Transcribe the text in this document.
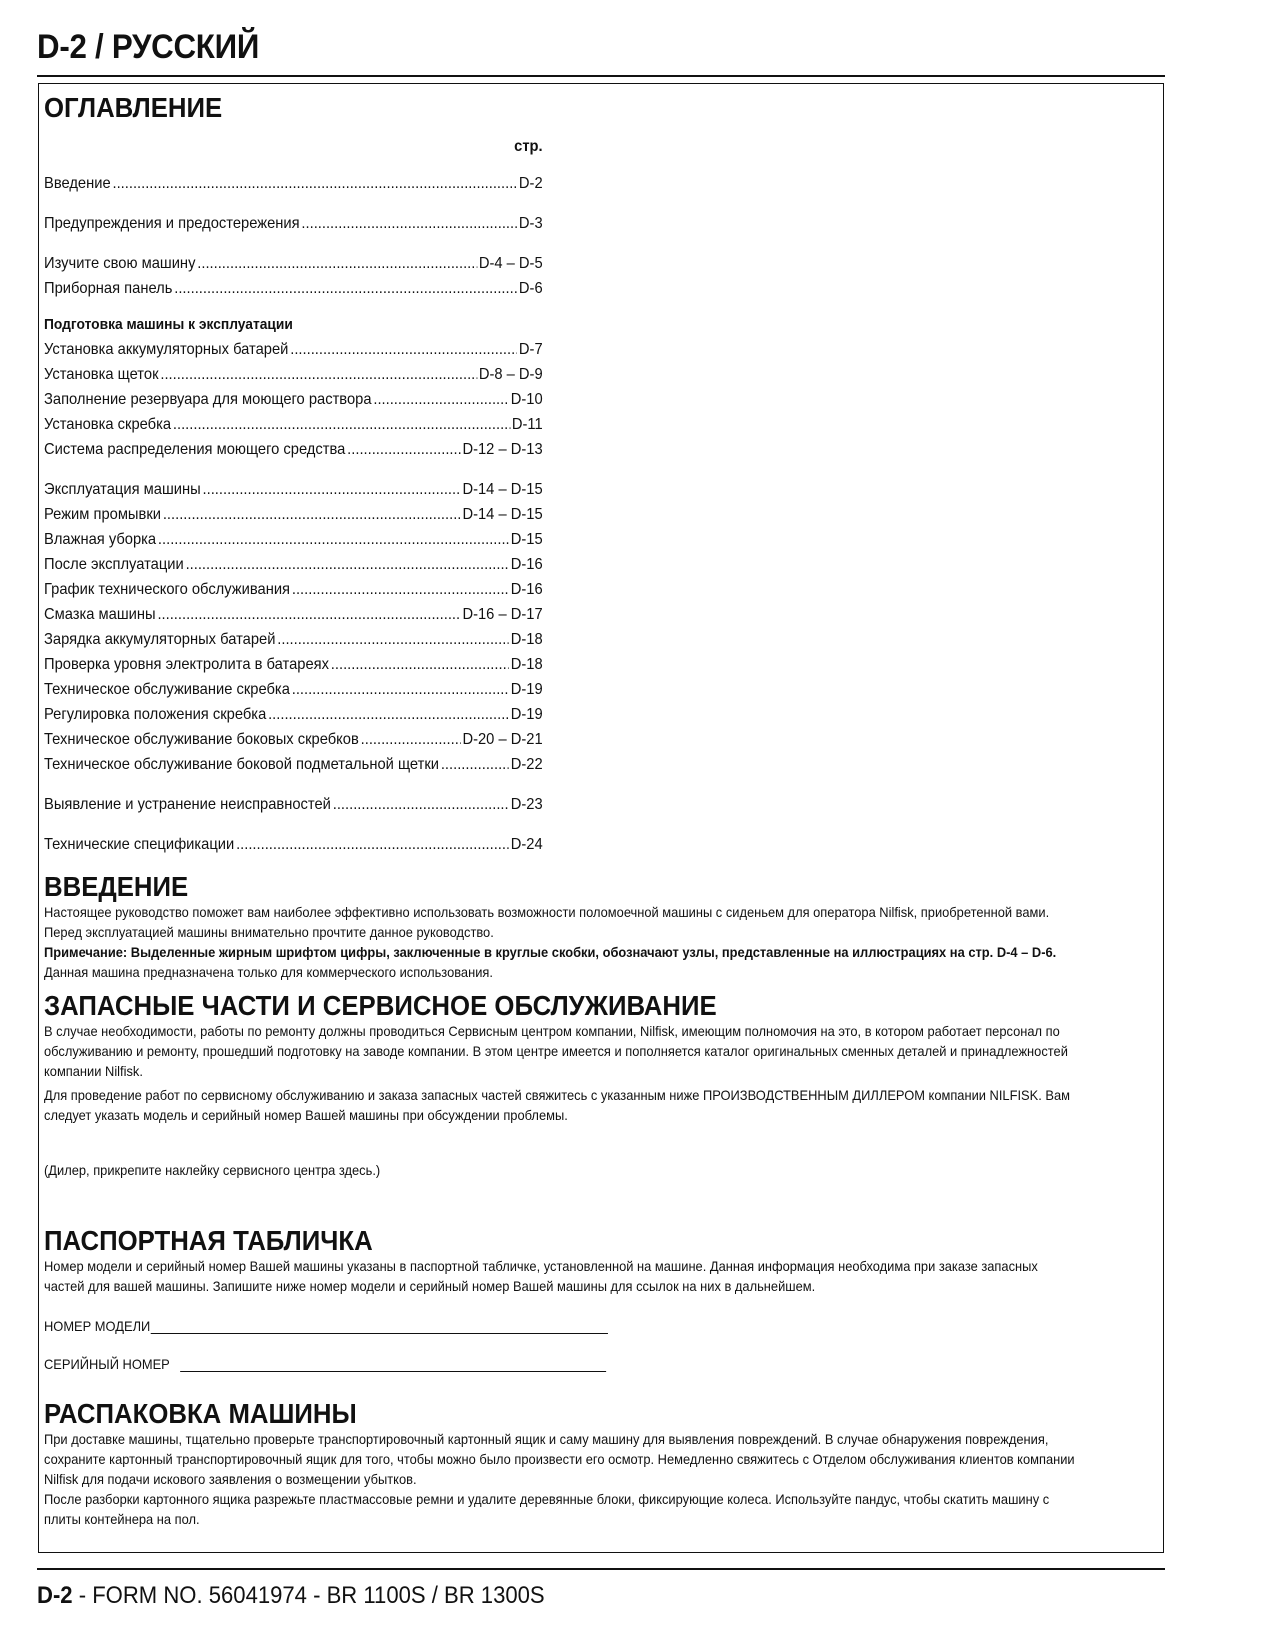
D-2 / РУССКИЙ
ОГЛАВЛЕНИЕ
стр.
Введение .....	D-2
Предупреждения и предостережения .....	D-3
Изучите свою машину .....	D-4 – D-5
Приборная панель .....	D-6
Подготовка машины к эксплуатации
Установка аккумуляторных батарей .....	D-7
Установка щеток .....	D-8 – D-9
Заполнение резервуара для моющего раствора .....	D-10
Установка скребка .....	D-11
Система распределения моющего средства .....	D-12 – D-13
Эксплуатация машины .....	D-14 – D-15
Режим промывки .....	D-14 – D-15
Влажная уборка .....	D-15
После эксплуатации .....	D-16
График технического обслуживания .....	D-16
Смазка машины .....	D-16 – D-17
Зарядка аккумуляторных батарей .....	D-18
Проверка уровня электролита в батареях .....	D-18
Техническое обслуживание скребка .....	D-19
Регулировка положения скребка .....	D-19
Техническое обслуживание боковых скребков .....	D-20 – D-21
Техническое обслуживание боковой подметальной щетки .....	D-22
Выявление и устранение неисправностей .....	D-23
Технические спецификации .....	D-24
ВВЕДЕНИЕ

Настоящее руководство поможет вам наиболее эффективно использовать возможности поломоечной машины с сиденьем для оператора Nilfisk, приобретенной вами.

Перед эксплуатацией машины внимательно прочтите данное руководство.

Примечание: Выделенные жирным шрифтом цифры, заключенные в круглые скобки, обозначают узлы, представленные на иллюстрациях на стр. D-4 – D-6.

Данная машина предназначена только для коммерческого использования.

ЗАПАСНЫЕ ЧАСТИ И СЕРВИСНОЕ ОБСЛУЖИВАНИЕ

В случае необходимости, работы по ремонту должны проводиться Сервисным центром компании, Nilfisk, имеющим полномочия на это, в котором работает персонал по обслуживанию и ремонту, прошедший подготовку на заводе компании. В этом центре имеется и пополняется каталог оригинальных сменных деталей и принадлежностей компании Nilfisk.

Для проведение работ по сервисному обслуживанию и заказа запасных частей свяжитесь с указанным ниже ПРОИЗВОДСТВЕННЫМ ДИЛЛЕРОМ компании NILFISK. Вам следует указать модель и серийный номер Вашей машины при обсуждении проблемы.

(Дилер, прикрепите наклейку сервисного центра здесь.)

ПАСПОРТНАЯ ТАБЛИЧКА

Номер модели и серийный номер Вашей машины указаны в паспортной табличке, установленной на машине. Данная информация необходима при заказе запасных частей для вашей машины. Запишите ниже номер модели и серийный номер Вашей машины для ссылок на них в дальнейшем.

НОМЕР МОДЕЛИ
СЕРИЙНЫЙ НОМЕР
РАСПАКОВКА МАШИНЫ

При доставке машины, тщательно проверьте транспортировочный картонный ящик и саму машину для выявления повреждений. В случае обнаружения повреждения, сохраните картонный транспортировочный ящик для того, чтобы можно было произвести его осмотр. Немедленно свяжитесь с Отделом обслуживания клиентов компании Nilfisk для подачи искового заявления о возмещении убытков.

После разборки картонного ящика разрежьте пластмассовые ремни и удалите деревянные блоки, фиксирующие колеса. Используйте пандус, чтобы скатить машину с плиты контейнера на пол.

D-2 - FORM NO. 56041974 - BR 1100S / BR 1300S
